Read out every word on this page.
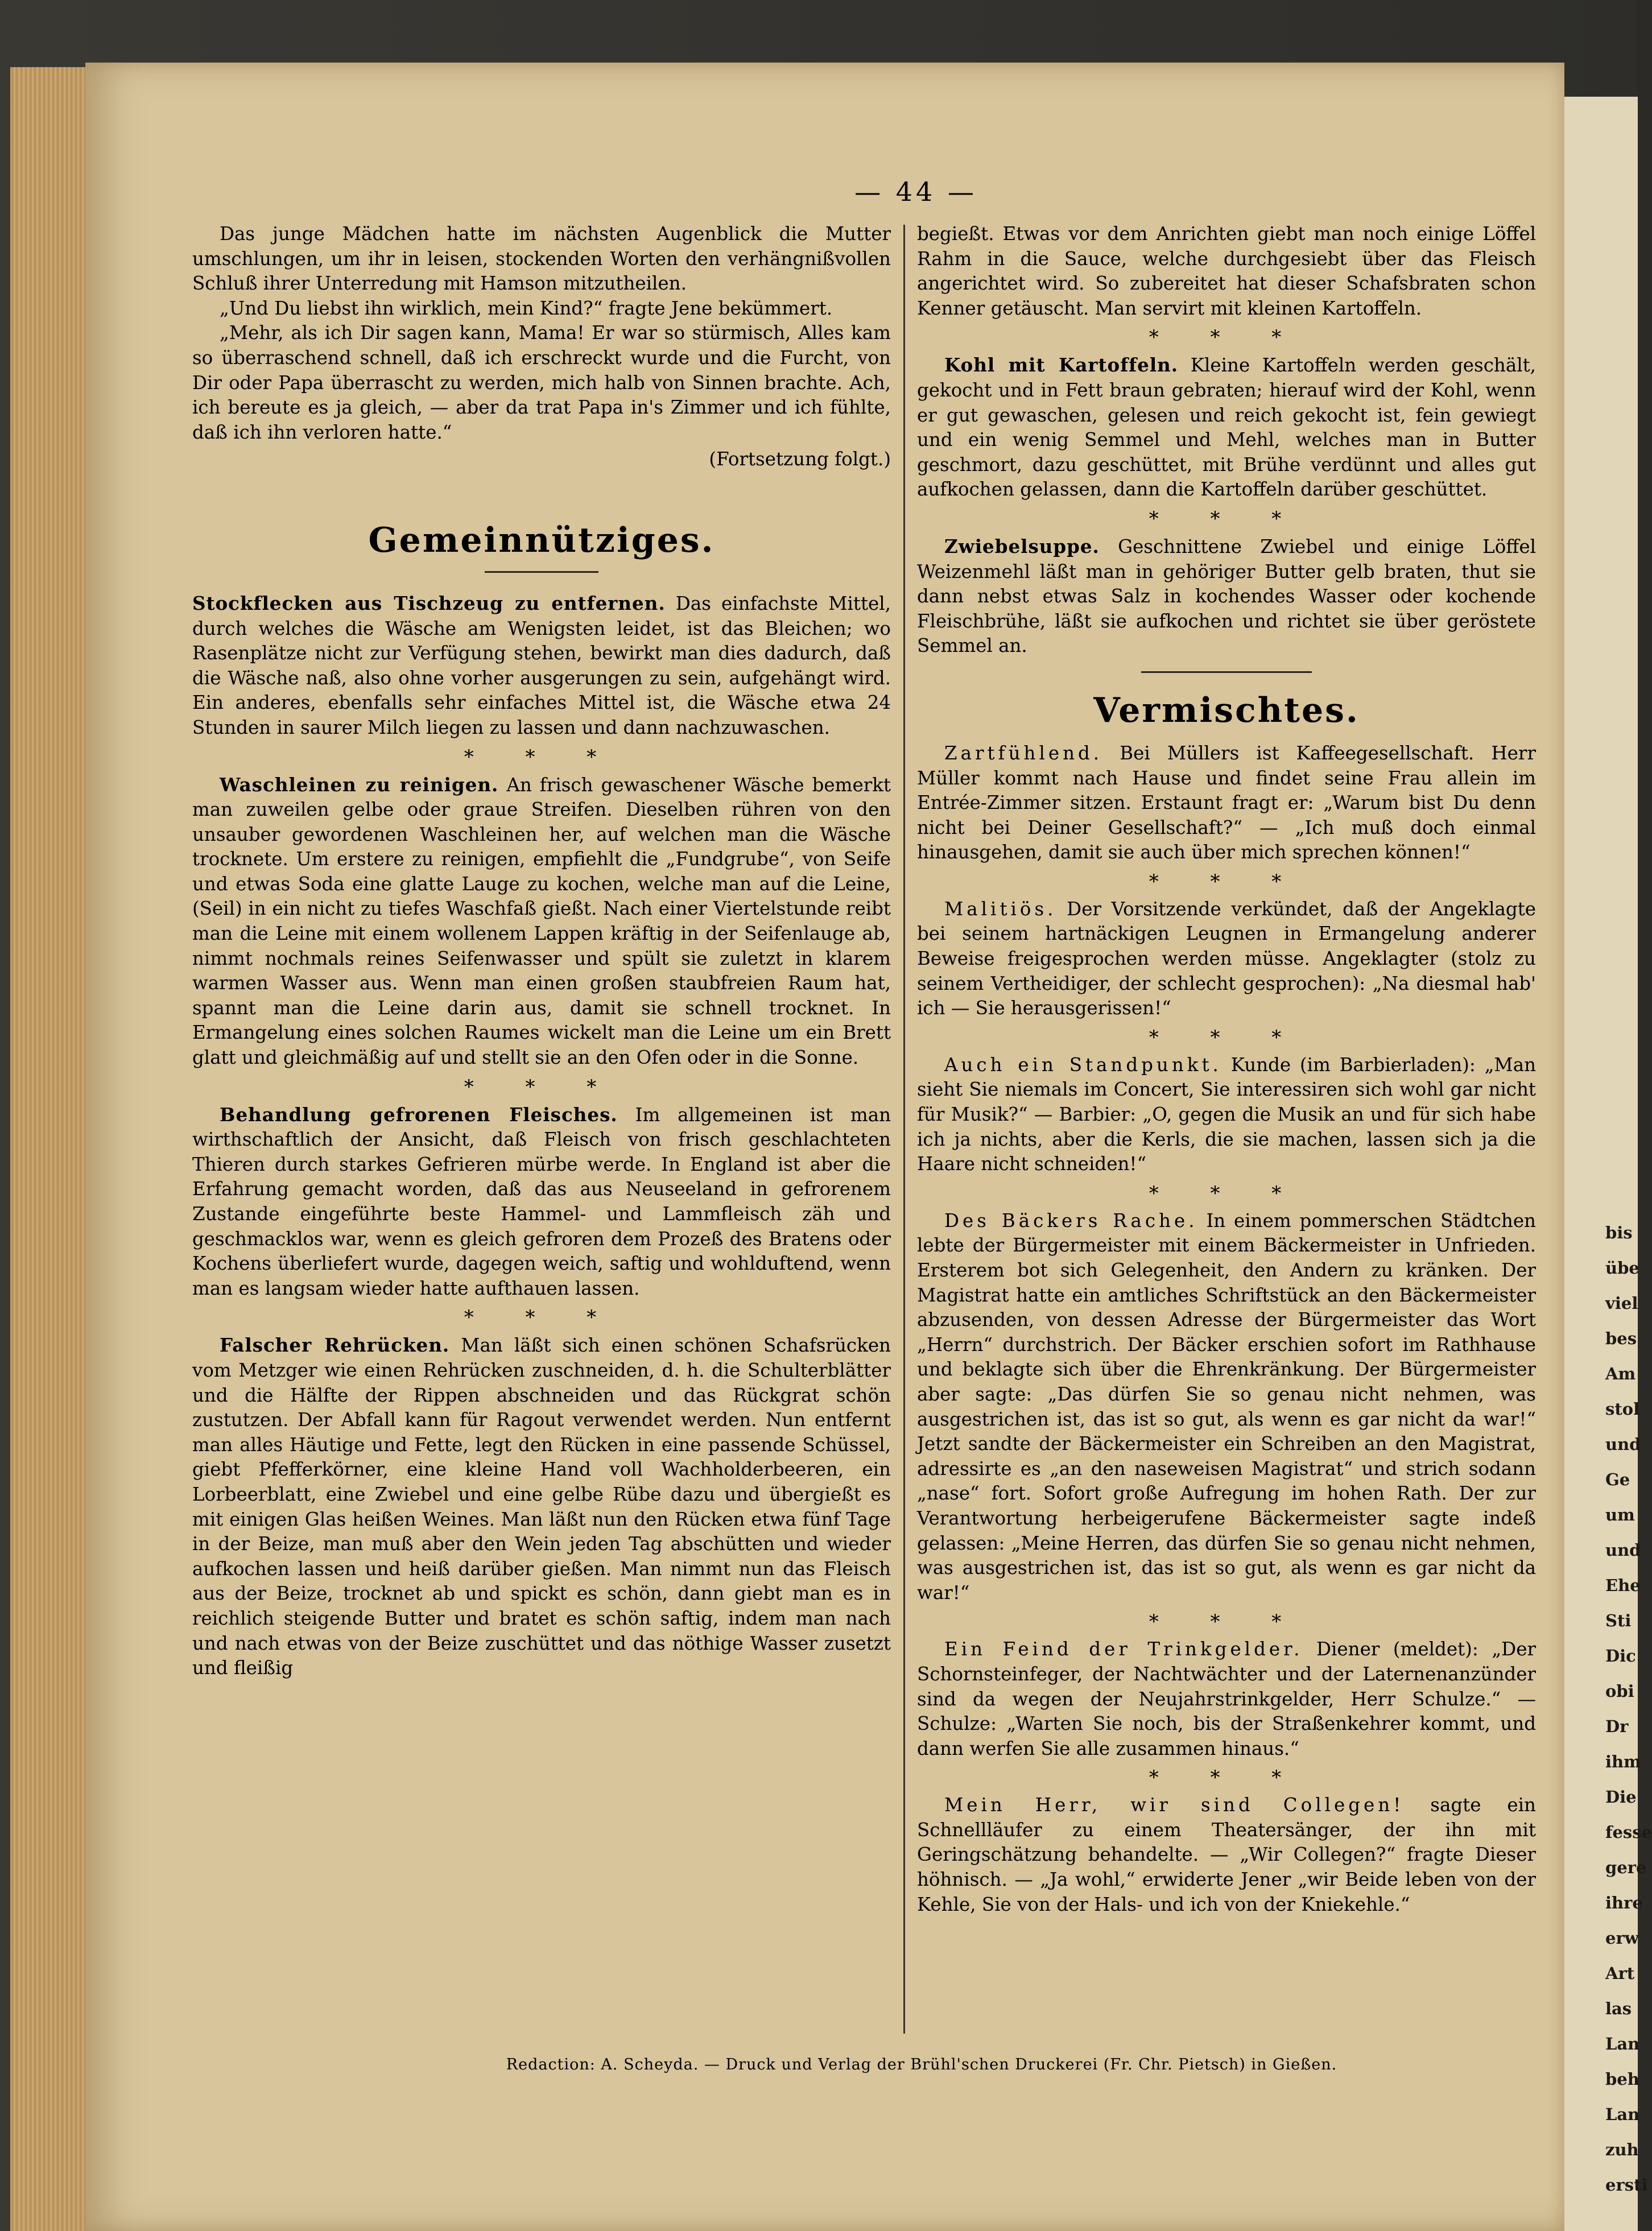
— 44 —

Das junge Mädchen hatte im nächsten Augenblick die Mutter umschlungen, um ihr in leisen, stockenden Worten den verhängnißvollen Schluß ihrer Unterredung mit Hamson mitzutheilen.

„Und Du liebst ihn wirklich, mein Kind?“ fragte Jene bekümmert.

„Mehr, als ich Dir sagen kann, Mama! Er war so stürmisch, Alles kam so überraschend schnell, daß ich erschreckt wurde und die Furcht, von Dir oder Papa überrascht zu werden, mich halb von Sinnen brachte. Ach, ich bereute es ja gleich, — aber da trat Papa in's Zimmer und ich fühlte, daß ich ihn verloren hatte.“

(Fortsetzung folgt.)

Gemeinnütziges.

Stockflecken aus Tischzeug zu entfernen. Das einfachste Mittel, durch welches die Wäsche am Wenigsten leidet, ist das Bleichen; wo Rasenplätze nicht zur Verfügung stehen, bewirkt man dies dadurch, daß die Wäsche naß, also ohne vorher ausgerungen zu sein, aufgehängt wird. Ein anderes, ebenfalls sehr einfaches Mittel ist, die Wäsche etwa 24 Stunden in saurer Milch liegen zu lassen und dann nachzuwaschen.

* * *

Waschleinen zu reinigen. An frisch gewaschener Wäsche bemerkt man zuweilen gelbe oder graue Streifen. Dieselben rühren von den unsauber gewordenen Waschleinen her, auf welchen man die Wäsche trocknete. Um erstere zu reinigen, empfiehlt die „Fundgrube“, von Seife und etwas Soda eine glatte Lauge zu kochen, welche man auf die Leine, (Seil) in ein nicht zu tiefes Waschfaß gießt. Nach einer Viertelstunde reibt man die Leine mit einem wollenem Lappen kräftig in der Seifenlauge ab, nimmt nochmals reines Seifenwasser und spült sie zuletzt in klarem warmen Wasser aus. Wenn man einen großen staubfreien Raum hat, spannt man die Leine darin aus, damit sie schnell trocknet. In Ermangelung eines solchen Raumes wickelt man die Leine um ein Brett glatt und gleichmäßig auf und stellt sie an den Ofen oder in die Sonne.

* * *

Behandlung gefrorenen Fleisches. Im allgemeinen ist man wirthschaftlich der Ansicht, daß Fleisch von frisch geschlachteten Thieren durch starkes Gefrieren mürbe werde. In England ist aber die Erfahrung gemacht worden, daß das aus Neuseeland in gefrorenem Zustande eingeführte beste Hammel- und Lammfleisch zäh und geschmacklos war, wenn es gleich gefroren dem Prozeß des Bratens oder Kochens überliefert wurde, dagegen weich, saftig und wohlduftend, wenn man es langsam wieder hatte aufthauen lassen.

* * *

Falscher Rehrücken. Man läßt sich einen schönen Schafsrücken vom Metzger wie einen Rehrücken zuschneiden, d. h. die Schulterblätter und die Hälfte der Rippen abschneiden und das Rückgrat schön zustutzen. Der Abfall kann für Ragout verwendet werden. Nun entfernt man alles Häutige und Fette, legt den Rücken in eine passende Schüssel, giebt Pfefferkörner, eine kleine Hand voll Wachholderbeeren, ein Lorbeerblatt, eine Zwiebel und eine gelbe Rübe dazu und übergießt es mit einigen Glas heißen Weines. Man läßt nun den Rücken etwa fünf Tage in der Beize, man muß aber den Wein jeden Tag abschütten und wieder aufkochen lassen und heiß darüber gießen. Man nimmt nun das Fleisch aus der Beize, trocknet ab und spickt es schön, dann giebt man es in reichlich steigende Butter und bratet es schön saftig, indem man nach und nach etwas von der Beize zuschüttet und das nöthige Wasser zusetzt und fleißig

begießt. Etwas vor dem Anrichten giebt man noch einige Löffel Rahm in die Sauce, welche durchgesiebt über das Fleisch angerichtet wird. So zubereitet hat dieser Schafsbraten schon Kenner getäuscht. Man servirt mit kleinen Kartoffeln.

* * *

Kohl mit Kartoffeln. Kleine Kartoffeln werden geschält, gekocht und in Fett braun gebraten; hierauf wird der Kohl, wenn er gut gewaschen, gelesen und reich gekocht ist, fein gewiegt und ein wenig Semmel und Mehl, welches man in Butter geschmort, dazu geschüttet, mit Brühe verdünnt und alles gut aufkochen gelassen, dann die Kartoffeln darüber geschüttet.

* * *

Zwiebelsuppe. Geschnittene Zwiebel und einige Löffel Weizenmehl läßt man in gehöriger Butter gelb braten, thut sie dann nebst etwas Salz in kochendes Wasser oder kochende Fleischbrühe, läßt sie aufkochen und richtet sie über geröstete Semmel an.

Vermischtes.

Zartfühlend. Bei Müllers ist Kaffeegesellschaft. Herr Müller kommt nach Hause und findet seine Frau allein im Entrée-Zimmer sitzen. Erstaunt fragt er: „Warum bist Du denn nicht bei Deiner Gesellschaft?“ — „Ich muß doch einmal hinausgehen, damit sie auch über mich sprechen können!“

* * *

Malitiös. Der Vorsitzende verkündet, daß der Angeklagte bei seinem hartnäckigen Leugnen in Ermangelung anderer Beweise freigesprochen werden müsse. Angeklagter (stolz zu seinem Vertheidiger, der schlecht gesprochen): „Na diesmal hab' ich — Sie herausgerissen!“

* * *

Auch ein Standpunkt. Kunde (im Barbierladen): „Man sieht Sie niemals im Concert, Sie interessiren sich wohl gar nicht für Musik?“ — Barbier: „O, gegen die Musik an und für sich habe ich ja nichts, aber die Kerls, die sie machen, lassen sich ja die Haare nicht schneiden!“

* * *

Des Bäckers Rache. In einem pommerschen Städtchen lebte der Bürgermeister mit einem Bäckermeister in Unfrieden. Ersterem bot sich Gelegenheit, den Andern zu kränken. Der Magistrat hatte ein amtliches Schriftstück an den Bäckermeister abzusenden, von dessen Adresse der Bürgermeister das Wort „Herrn“ durchstrich. Der Bäcker erschien sofort im Rathhause und beklagte sich über die Ehrenkränkung. Der Bürgermeister aber sagte: „Das dürfen Sie so genau nicht nehmen, was ausgestrichen ist, das ist so gut, als wenn es gar nicht da war!“ Jetzt sandte der Bäckermeister ein Schreiben an den Magistrat, adressirte es „an den naseweisen Magistrat“ und strich sodann „nase“ fort. Sofort große Aufregung im hohen Rath. Der zur Verantwortung herbeigerufene Bäckermeister sagte indeß gelassen: „Meine Herren, das dürfen Sie so genau nicht nehmen, was ausgestrichen ist, das ist so gut, als wenn es gar nicht da war!“

* * *

Ein Feind der Trinkgelder. Diener (meldet): „Der Schornsteinfeger, der Nachtwächter und der Laternenanzünder sind da wegen der Neujahrstrinkgelder, Herr Schulze.“ — Schulze: „Warten Sie noch, bis der Straßenkehrer kommt, und dann werfen Sie alle zusammen hinaus.“

* * *

Mein Herr, wir sind Collegen! sagte ein Schnellläufer zu einem Theatersänger, der ihn mit Geringschätzung behandelte. — „Wir Collegen?“ fragte Dieser höhnisch. — „Ja wohl,“ erwiderte Jener „wir Beide leben von der Kehle, Sie von der Hals- und ich von der Kniekehle.“

Redaction: A. Scheyda. — Druck und Verlag der Brühl'schen Druckerei (Fr. Chr. Pietsch) in Gießen.
bis
übe
viel
bes
Am
stol
und
Ge
um
und
Ehe
Sti
Dic
obi
Dr
ihm
Die
fesse
gere
ihre
erw
Art
las
Lan
beh
Lan
zuh
ersti
